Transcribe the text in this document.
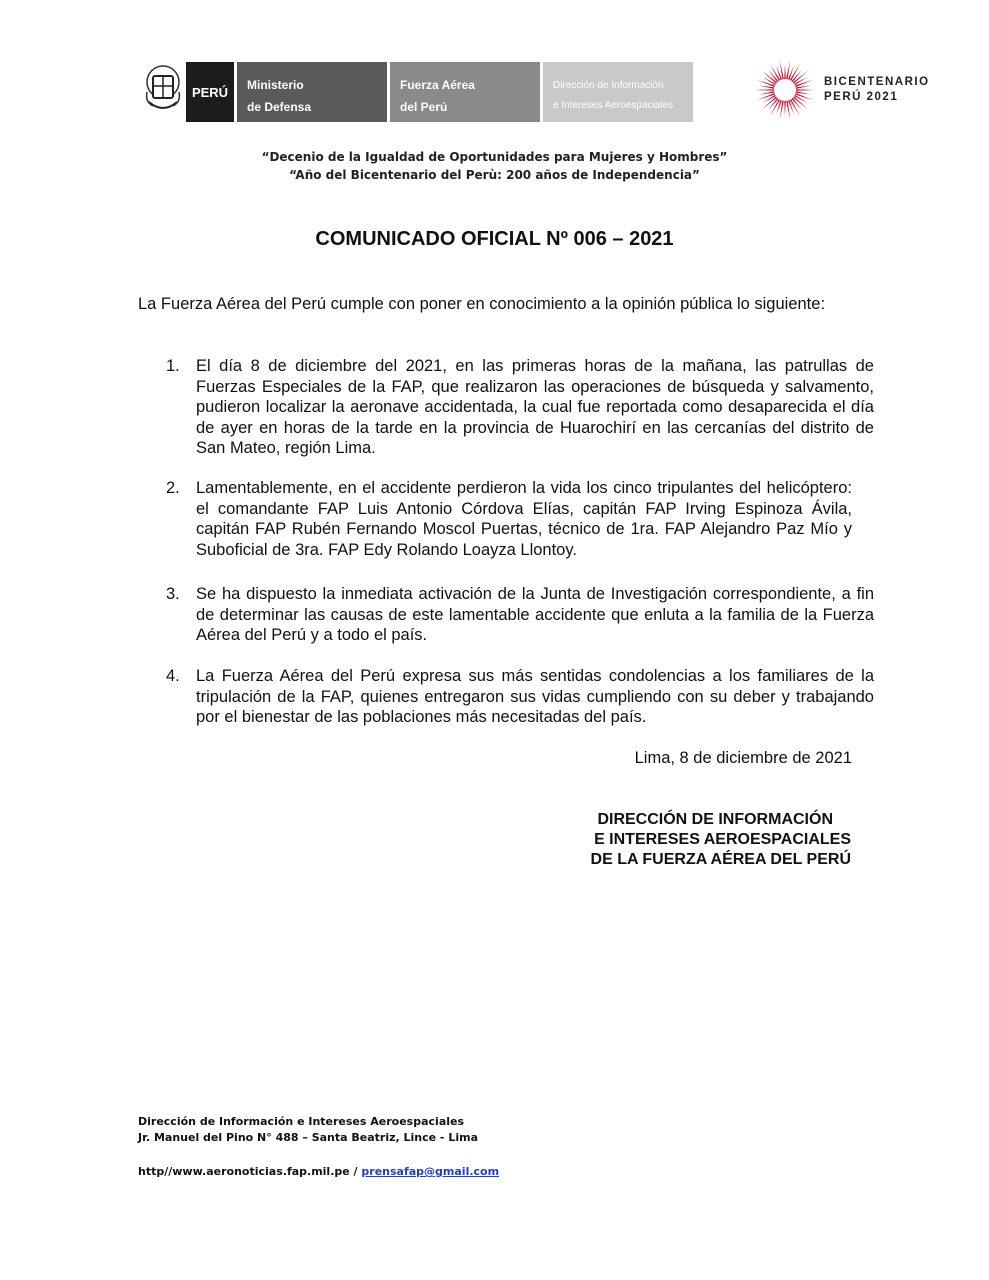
PERÚ	Ministerio
de Defensa
Fuerza Aérea
del Perú
Dirección de Información
e Intereses Aeroespaciales
BICENTENARIO
PERÚ 2021
“Decenio de la Igualdad de Oportunidades para Mujeres y Hombres”
“Año del Bicentenario del Perù: 200 años de Independencia”
COMUNICADO OFICIAL Nº 006 – 2021
La Fuerza Aérea del Perú cumple con poner en conocimiento a la opinión pública lo siguiente:
1. El día 8 de diciembre del 2021, en las primeras horas de la mañana, las patrullas de Fuerzas Especiales de la FAP, que realizaron las operaciones de búsqueda y salvamento, pudieron localizar la aeronave accidentada, la cual fue reportada como desaparecida el día de ayer en horas de la tarde en la provincia de Huarochirí en las cercanías del distrito de San Mateo, región Lima.
2. Lamentablemente, en el accidente perdieron la vida los cinco tripulantes del helicóptero: el comandante FAP Luis Antonio Córdova Elías, capitán FAP Irving Espinoza Ávila, capitán FAP Rubén Fernando Moscol Puertas, técnico de 1ra. FAP Alejandro Paz Mío y Suboficial de 3ra. FAP Edy Rolando Loayza Llontoy.
3. Se ha dispuesto la inmediata activación de la Junta de Investigación correspondiente, a fin de determinar las causas de este lamentable accidente que enluta a la familia de la Fuerza Aérea del Perú y a todo el país.
4. La Fuerza Aérea del Perú expresa sus más sentidas condolencias a los familiares de la tripulación de la FAP, quienes entregaron sus vidas cumpliendo con su deber y trabajando por el bienestar de las poblaciones más necesitadas del país.
Lima, 8 de diciembre de 2021
DIRECCIÓN DE INFORMACIÓN
E INTERESES AEROESPACIALES
DE LA FUERZA AÉREA DEL PERÚ
Dirección de Información e Intereses Aeroespaciales
Jr. Manuel del Pino N° 488 – Santa Beatriz, Lince - Lima
http//www.aeronoticias.fap.mil.pe / prensafap@gmail.com
